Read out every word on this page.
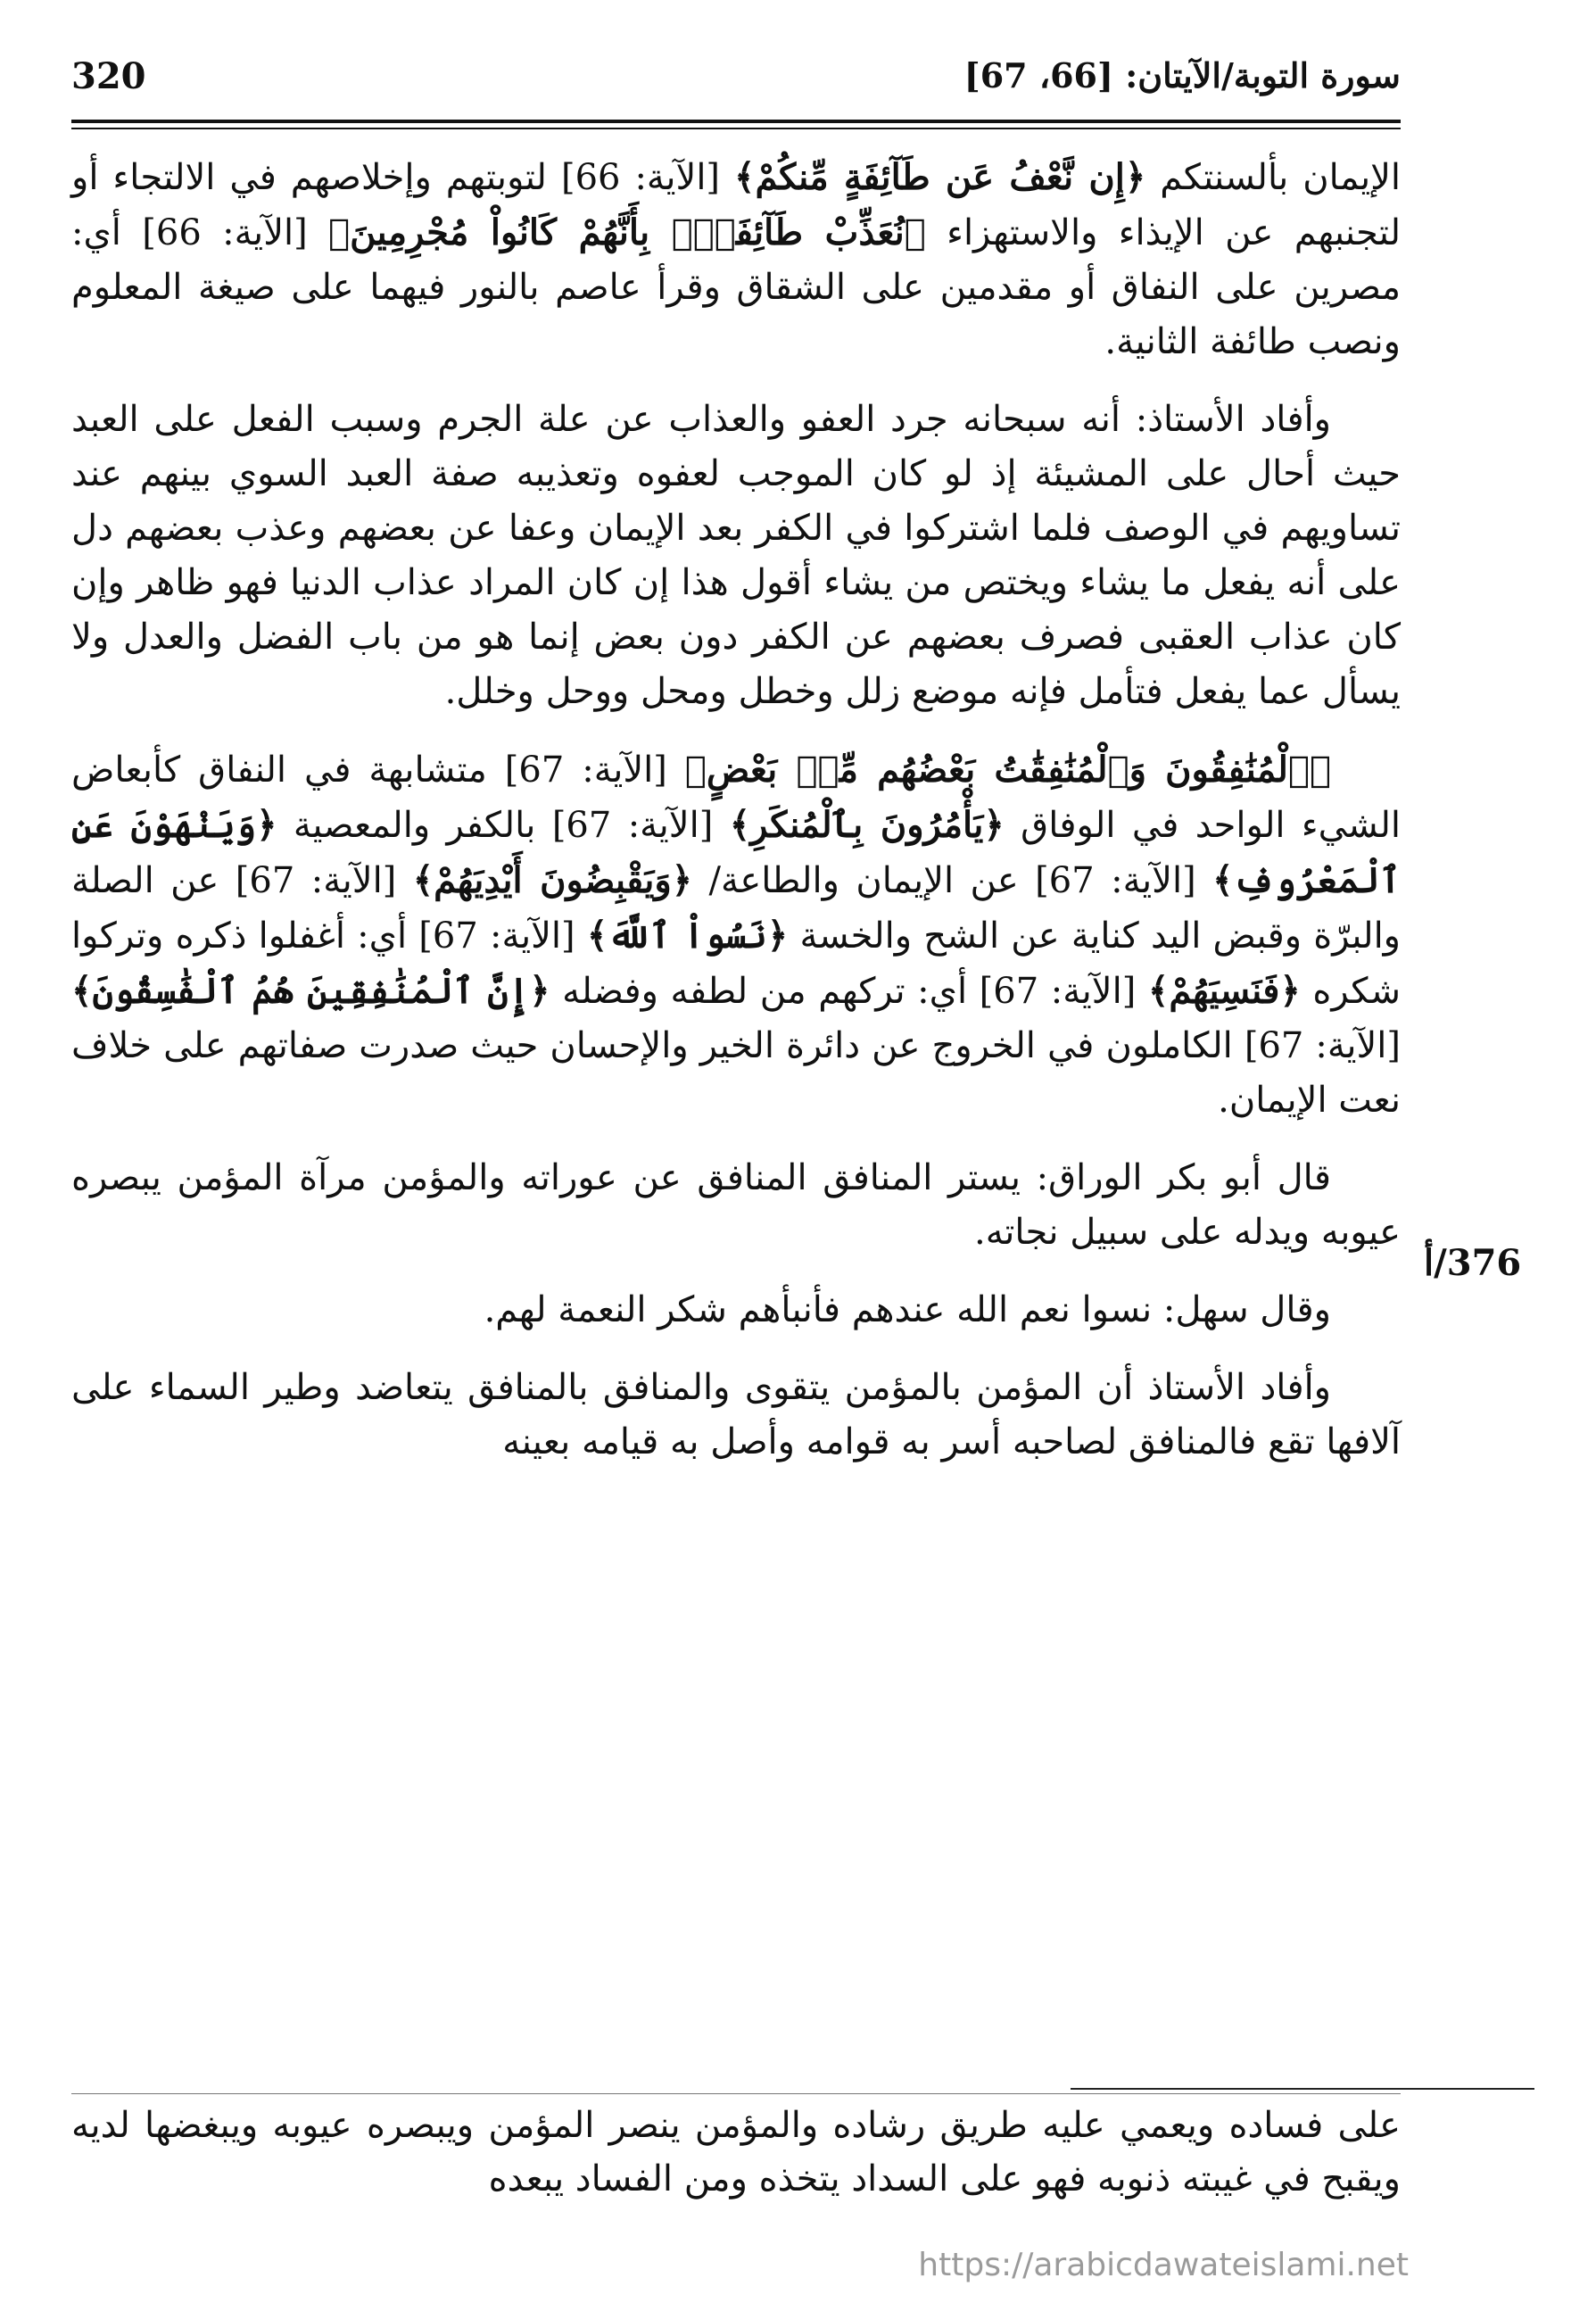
320	سورة التوبة/الآيتان: [66، 67]

الإيمان بألسنتكم ﴿إِن نَّعْفُ عَن طَآئِفَةٍ مِّنكُمْ﴾ [الآية: 66] لتوبتهم وإخلاصهم في الالتجاء أو لتجنبهم عن الإيذاء والاستهزاء ﴿نُعَذِّبْ طَآئِفَةًۢ بِأَنَّهُمْ كَانُواْ مُجْرِمِينَ﴾ [الآية: 66] أي: مصرين على النفاق أو مقدمين على الشقاق وقرأ عاصم بالنور فيهما على صيغة المعلوم ونصب طائفة الثانية.

وأفاد الأستاذ: أنه سبحانه جرد العفو والعذاب عن علة الجرم وسبب الفعل على العبد حيث أحال على المشيئة إذ لو كان الموجب لعفوه وتعذيبه صفة العبد السوي بينهم عند تساويهم في الوصف فلما اشتركوا في الكفر بعد الإيمان وعفا عن بعضهم وعذب بعضهم دل على أنه يفعل ما يشاء ويختص من يشاء أقول هذا إن كان المراد عذاب الدنيا فهو ظاهر وإن كان عذاب العقبى فصرف بعضهم عن الكفر دون بعض إنما هو من باب الفضل والعدل ولا يسأل عما يفعل فتأمل فإنه موضع زلل وخطل ومحل ووحل وخلل.

﴿ٱلْمُنَٰفِقُونَ وَٱلْمُنَٰفِقَٰتُ بَعْضُهُم مِّنۢ بَعْضٍ﴾ [الآية: 67] متشابهة في النفاق كأبعاض الشيء الواحد في الوفاق ﴿يَأْمُرُونَ بِٱلْمُنكَرِ﴾ [الآية: 67] بالكفر والمعصية ﴿وَيَنْهَوْنَ عَنِ ٱلْمَعْرُوفِ﴾ [الآية: 67] عن الإيمان والطاعة/ ﴿وَيَقْبِضُونَ أَيْدِيَهُمْ﴾ [الآية: 67] عن الصلة والبرّة وقبض اليد كناية عن الشح والخسة ﴿نَسُواْ ٱللَّهَ﴾ [الآية: 67] أي: أغفلوا ذكره وتركوا شكره ﴿فَنَسِيَهُمْ﴾ [الآية: 67] أي: تركهم من لطفه وفضله ﴿إِنَّ ٱلْمُنَٰفِقِينَ هُمُ ٱلْفَٰسِقُونَ﴾ [الآية: 67] الكاملون في الخروج عن دائرة الخير والإحسان حيث صدرت صفاتهم على خلاف نعت الإيمان.

قال أبو بكر الوراق: يستر المنافق المنافق عن عوراته والمؤمن مرآة المؤمن يبصره عيوبه ويدله على سبيل نجاته.

وقال سهل: نسوا نعم الله عندهم فأنبأهم شكر النعمة لهم.

وأفاد الأستاذ أن المؤمن بالمؤمن يتقوى والمنافق بالمنافق يتعاضد وطير السماء على آلافها تقع فالمنافق لصاحبه أسر به قوامه وأصل به قيامه بعينه

376/أ
على فساده ويعمي عليه طريق رشاده والمؤمن ينصر المؤمن ويبصره عيوبه ويبغضها لديه ويقبح في غيبته ذنوبه فهو على السداد يتخذه ومن الفساد يبعده
https://arabicdawateislami.net
